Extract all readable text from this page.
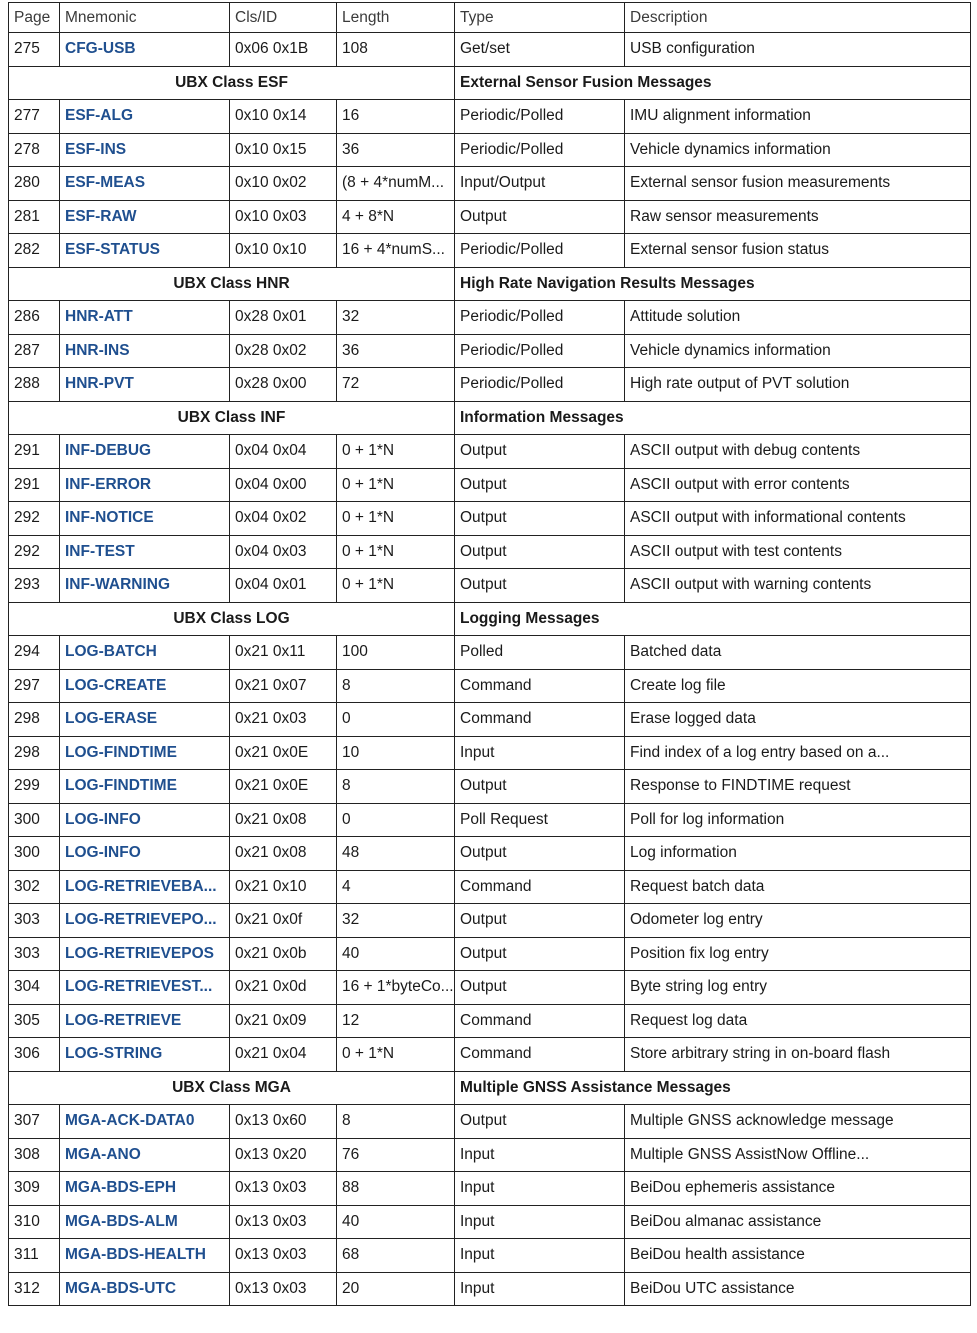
Page	Mnemonic	Cls/ID	Length	Type	Description
275	CFG-USB	0x06 0x1B	108	Get/set	USB configuration
UBX Class ESF				External Sensor Fusion Messages	
277	ESF-ALG	0x10 0x14	16	Periodic/Polled	IMU alignment information
278	ESF-INS	0x10 0x15	36	Periodic/Polled	Vehicle dynamics information
280	ESF-MEAS	0x10 0x02	(8 + 4*numM...	Input/Output	External sensor fusion measurements
281	ESF-RAW	0x10 0x03	4 + 8*N	Output	Raw sensor measurements
282	ESF-STATUS	0x10 0x10	16 + 4*numS...	Periodic/Polled	External sensor fusion status
UBX Class HNR				High Rate Navigation Results Messages	
286	HNR-ATT	0x28 0x01	32	Periodic/Polled	Attitude solution
287	HNR-INS	0x28 0x02	36	Periodic/Polled	Vehicle dynamics information
288	HNR-PVT	0x28 0x00	72	Periodic/Polled	High rate output of PVT solution
UBX Class INF				Information Messages	
291	INF-DEBUG	0x04 0x04	0 + 1*N	Output	ASCII output with debug contents
291	INF-ERROR	0x04 0x00	0 + 1*N	Output	ASCII output with error contents
292	INF-NOTICE	0x04 0x02	0 + 1*N	Output	ASCII output with informational contents
292	INF-TEST	0x04 0x03	0 + 1*N	Output	ASCII output with test contents
293	INF-WARNING	0x04 0x01	0 + 1*N	Output	ASCII output with warning contents
UBX Class LOG				Logging Messages	
294	LOG-BATCH	0x21 0x11	100	Polled	Batched data
297	LOG-CREATE	0x21 0x07	8	Command	Create log file
298	LOG-ERASE	0x21 0x03	0	Command	Erase logged data
298	LOG-FINDTIME	0x21 0x0E	10	Input	Find index of a log entry based on a...
299	LOG-FINDTIME	0x21 0x0E	8	Output	Response to FINDTIME request
300	LOG-INFO	0x21 0x08	0	Poll Request	Poll for log information
300	LOG-INFO	0x21 0x08	48	Output	Log information
302	LOG-RETRIEVEBA...	0x21 0x10	4	Command	Request batch data
303	LOG-RETRIEVEPO...	0x21 0x0f	32	Output	Odometer log entry
303	LOG-RETRIEVEPOS	0x21 0x0b	40	Output	Position fix log entry
304	LOG-RETRIEVEST...	0x21 0x0d	16 + 1*byteCo...	Output	Byte string log entry
305	LOG-RETRIEVE	0x21 0x09	12	Command	Request log data
306	LOG-STRING	0x21 0x04	0 + 1*N	Command	Store arbitrary string in on-board flash
UBX Class MGA				Multiple GNSS Assistance Messages	
307	MGA-ACK-DATA0	0x13 0x60	8	Output	Multiple GNSS acknowledge message
308	MGA-ANO	0x13 0x20	76	Input	Multiple GNSS AssistNow Offline...
309	MGA-BDS-EPH	0x13 0x03	88	Input	BeiDou ephemeris assistance
310	MGA-BDS-ALM	0x13 0x03	40	Input	BeiDou almanac assistance
311	MGA-BDS-HEALTH	0x13 0x03	68	Input	BeiDou health assistance
312	MGA-BDS-UTC	0x13 0x03	20	Input	BeiDou UTC assistance
